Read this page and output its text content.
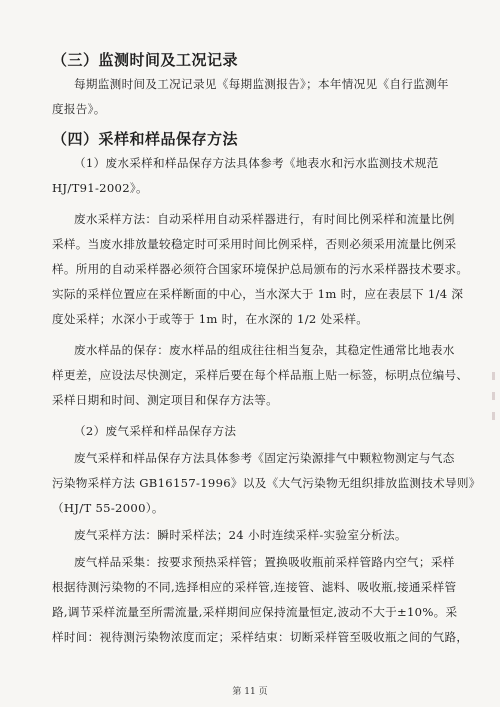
（三）监测时间及工况记录
每期监测时间及工况记录见《每期监测报告》；本年情况见《自行监测年
度报告》。
（四）采样和样品保存方法
（1）废水采样和样品保存方法具体参考《地表水和污水监测技术规范
HJ/T91-2002》。
废水采样方法：自动采样用自动采样器进行，有时间比例采样和流量比例
采样。当废水排放量较稳定时可采用时间比例采样，否则必须采用流量比例采
样。所用的自动采样器必须符合国家环境保护总局颁布的污水采样器技术要求。
实际的采样位置应在采样断面的中心，当水深大于 1m 时，应在表层下 1/4 深
度处采样；水深小于或等于 1m 时，在水深的 1/2 处采样。
废水样品的保存：废水样品的组成往往相当复杂，其稳定性通常比地表水
样更差，应设法尽快测定，采样后要在每个样品瓶上贴一标签，标明点位编号、
采样日期和时间、测定项目和保存方法等。
（2）废气采样和样品保存方法
废气采样和样品保存方法具体参考《固定污染源排气中颗粒物测定与气态
污染物采样方法 GB16157-1996》以及《大气污染物无组织排放监测技术导则》
（HJ/T 55-2000）。
废气采样方法：瞬时采样法；24 小时连续采样-实验室分析法。
废气样品采集：按要求预热采样管；置换吸收瓶前采样管路内空气；采样
根据待测污染物的不同,选择相应的采样管,连接管、滤料、吸收瓶,接通采样管
路,调节采样流量至所需流量,采样期间应保持流量恒定,波动不大于±10%。采
样时间：视待测污染物浓度而定；采样结束：切断采样管至吸收瓶之间的气路，
第 11 页
